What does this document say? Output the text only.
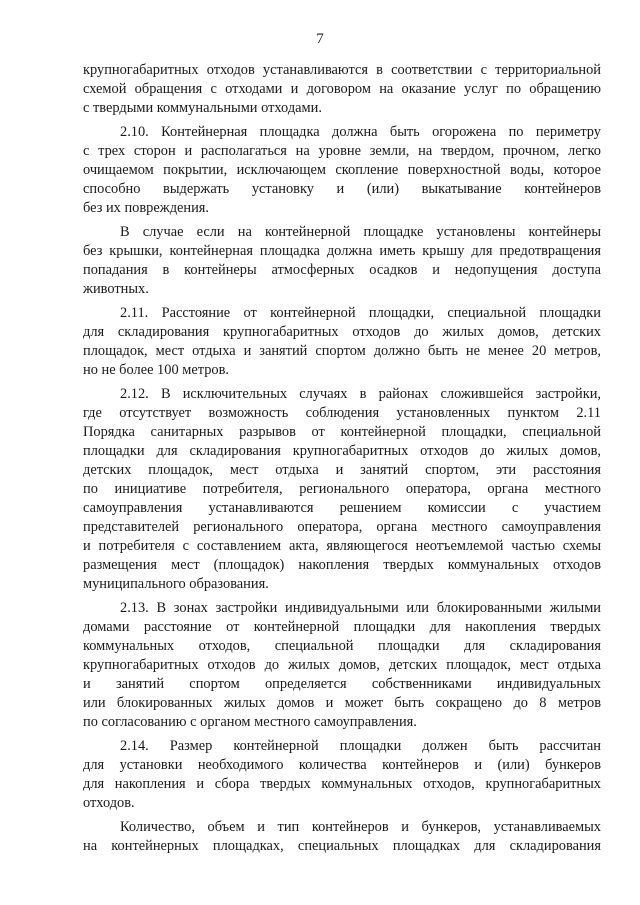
7
крупногабаритных отходов устанавливаются в соответствии с территориальной
схемой обращения с отходами и договором на оказание услуг по обращению
с твердыми коммунальными отходами.
2.10. Контейнерная площадка должна быть огорожена по периметру
с трех сторон и располагаться на уровне земли, на твердом, прочном, легко
очищаемом покрытии, исключающем скопление поверхностной воды, которое
способно выдержать установку и (или) выкатывание контейнеров
без их повреждения.
В случае если на контейнерной площадке установлены контейнеры
без крышки, контейнерная площадка должна иметь крышу для предотвращения
попадания в контейнеры атмосферных осадков и недопущения доступа
животных.
2.11. Расстояние от контейнерной площадки, специальной площадки
для складирования крупногабаритных отходов до жилых домов, детских
площадок, мест отдыха и занятий спортом должно быть не менее 20 метров,
но не более 100 метров.
2.12. В исключительных случаях в районах сложившейся застройки,
где отсутствует возможность соблюдения установленных пунктом 2.11
Порядка санитарных разрывов от контейнерной площадки, специальной
площадки для складирования крупногабаритных отходов до жилых домов,
детских площадок, мест отдыха и занятий спортом, эти расстояния
по инициативе потребителя, регионального оператора, органа местного
самоуправления устанавливаются решением комиссии с участием
представителей регионального оператора, органа местного самоуправления
и потребителя с составлением акта, являющегося неотъемлемой частью схемы
размещения мест (площадок) накопления твердых коммунальных отходов
муниципального образования.
2.13. В зонах застройки индивидуальными или блокированными жилыми
домами расстояние от контейнерной площадки для накопления твердых
коммунальных отходов, специальной площадки для складирования
крупногабаритных отходов до жилых домов, детских площадок, мест отдыха
и занятий спортом определяется собственниками индивидуальных
или блокированных жилых домов и может быть сокращено до 8 метров
по согласованию с органом местного самоуправления.
2.14. Размер контейнерной площадки должен быть рассчитан
для установки необходимого количества контейнеров и (или) бункеров
для накопления и сбора твердых коммунальных отходов, крупногабаритных
отходов.
Количество, объем и тип контейнеров и бункеров, устанавливаемых
на контейнерных площадках, специальных площадках для складирования
